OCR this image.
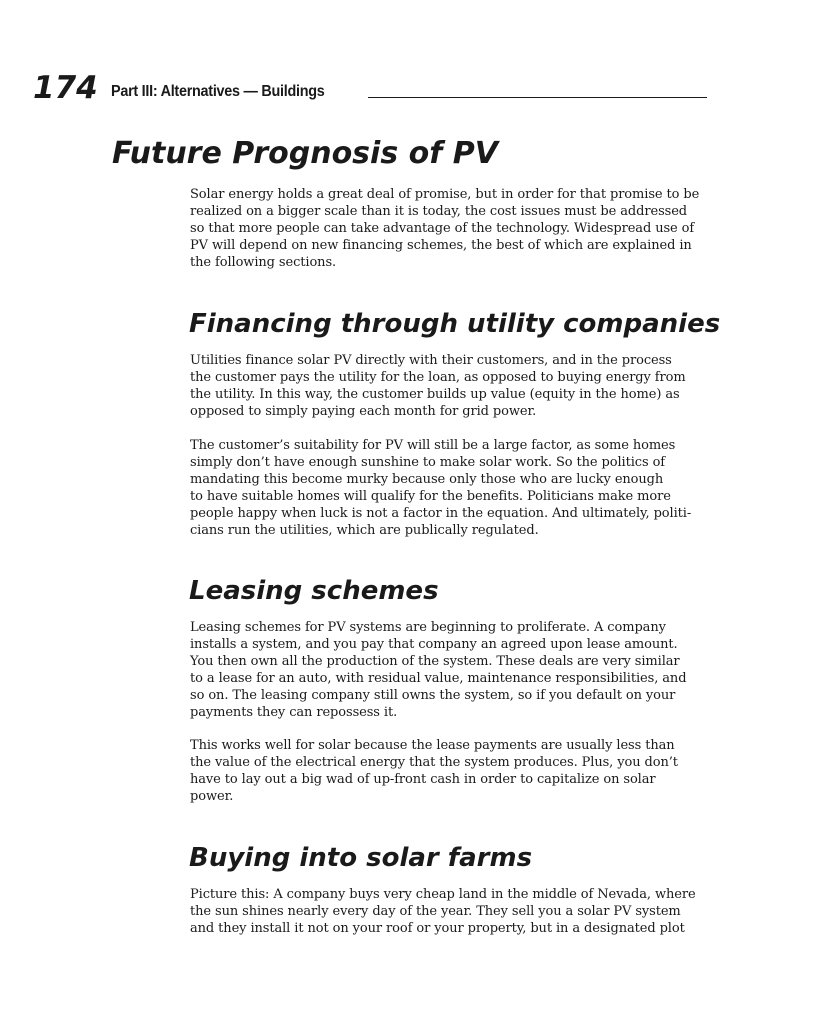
174 Part III: Alternatives — Buildings
Future Prognosis of PV
Solar energy holds a great deal of promise, but in order for that promise to be
realized on a bigger scale than it is today, the cost issues must be addressed
so that more people can take advantage of the technology. Widespread use of
PV will depend on new financing schemes, the best of which are explained in
the following sections.
Financing through utility companies
Utilities finance solar PV directly with their customers, and in the process
the customer pays the utility for the loan, as opposed to buying energy from
the utility. In this way, the customer builds up value (equity in the home) as
opposed to simply paying each month for grid power.
The customer’s suitability for PV will still be a large factor, as some homes
simply don’t have enough sunshine to make solar work. So the politics of
mandating this become murky because only those who are lucky enough
to have suitable homes will qualify for the benefits. Politicians make more
people happy when luck is not a factor in the equation. And ultimately, politi-
cians run the utilities, which are publically regulated.
Leasing schemes
Leasing schemes for PV systems are beginning to proliferate. A company
installs a system, and you pay that company an agreed upon lease amount.
You then own all the production of the system. These deals are very similar
to a lease for an auto, with residual value, maintenance responsibilities, and
so on. The leasing company still owns the system, so if you default on your
payments they can repossess it.
This works well for solar because the lease payments are usually less than
the value of the electrical energy that the system produces. Plus, you don’t
have to lay out a big wad of up-front cash in order to capitalize on solar
power.
Buying into solar farms
Picture this: A company buys very cheap land in the middle of Nevada, where
the sun shines nearly every day of the year. They sell you a solar PV system
and they install it not on your roof or your property, but in a designated plot
